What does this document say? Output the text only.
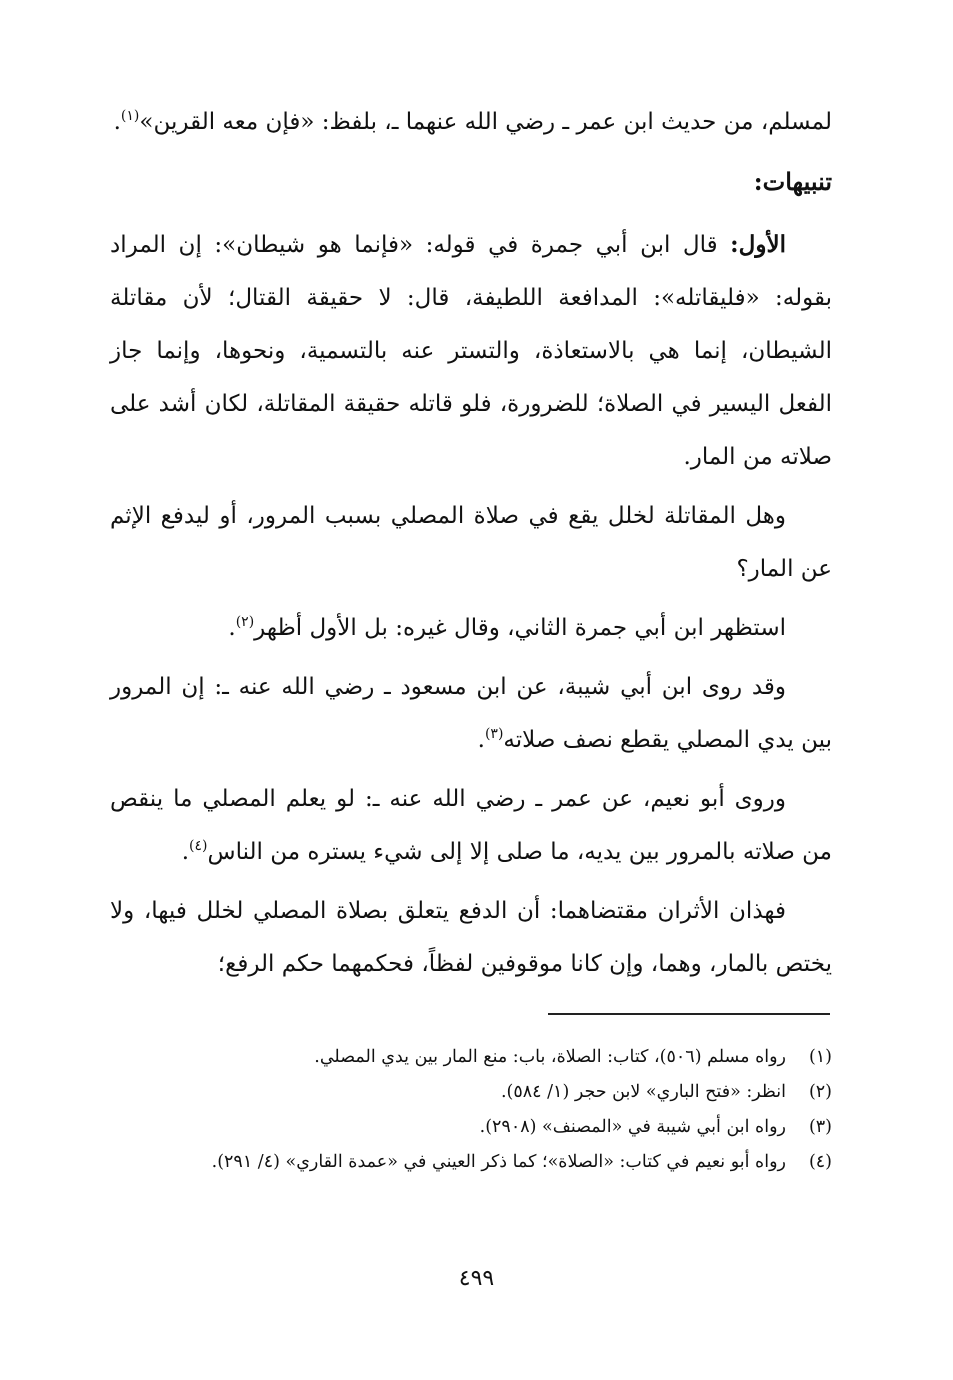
لمسلم، من حديث ابن عمر ـ رضي الله عنهما ـ، بلفظ: «فإن معه القرين»$^{(١)}$.

تنبيهات:

الأول: قال ابن أبي جمرة في قوله: «فإنما هو شيطان»: إن المراد بقوله: «فليقاتله»: المدافعة اللطيفة، قال: لا حقيقة القتال؛ لأن مقاتلة الشيطان، إنما هي بالاستعاذة، والتستر عنه بالتسمية، ونحوها، وإنما جاز الفعل اليسير في الصلاة؛ للضرورة، فلو قاتله حقيقة المقاتلة، لكان أشد على صلاته من المار.

وهل المقاتلة لخلل يقع في صلاة المصلي بسبب المرور، أو ليدفع الإثم عن المار؟

استظهر ابن أبي جمرة الثاني، وقال غيره: بل الأول أظهر$^{(٢)}$.

وقد روى ابن أبي شيبة، عن ابن مسعود ـ رضي الله عنه ـ: إن المرور بين يدي المصلي يقطع نصف صلاته$^{(٣)}$.

وروى أبو نعيم، عن عمر ـ رضي الله عنه ـ: لو يعلم المصلي ما ينقص من صلاته بالمرور بين يديه، ما صلى إلا إلى شيء يستره من الناس$^{(٤)}$.

فهذان الأثران مقتضاهما: أن الدفع يتعلق بصلاة المصلي لخلل فيها، ولا يختص بالمار، وهما، وإن كانا موقوفين لفظاً، فحكمهما حكم الرفع؛

(١)
رواه مسلم (٥٠٦)، كتاب: الصلاة، باب: منع المار بين يدي المصلي.
(٢)
انظر: «فتح الباري» لابن حجر (١/ ٥٨٤).
(٣)
رواه ابن أبي شيبة في «المصنف» (٢٩٠٨).
(٤)
رواه أبو نعيم في كتاب: «الصلاة»؛ كما ذكر العيني في «عمدة القاري» (٤/ ٢٩١).
٤٩٩
